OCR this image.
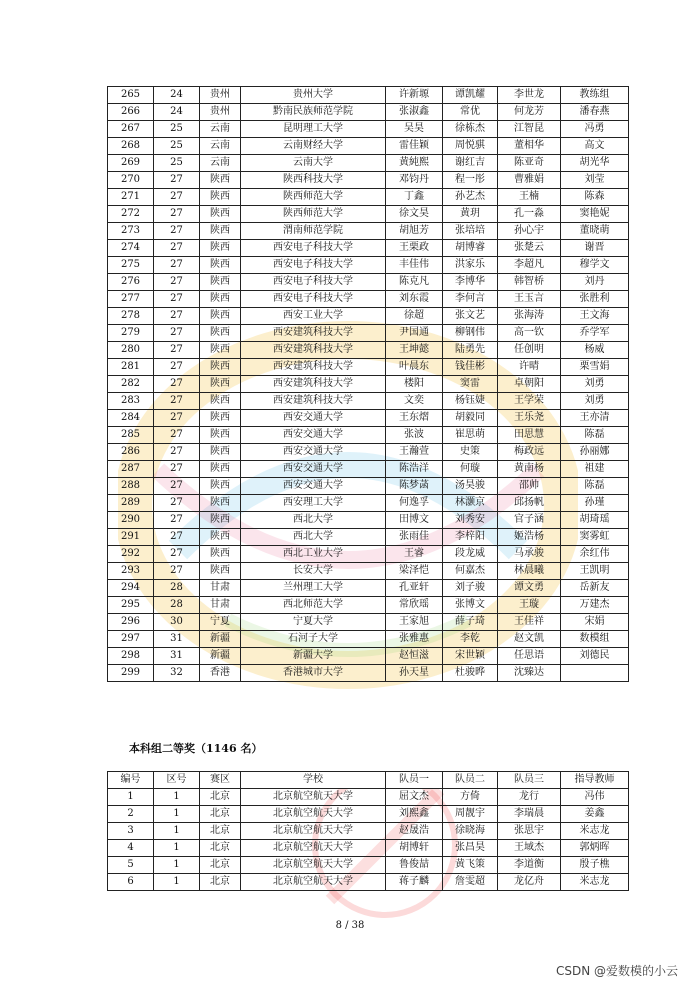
265	24	贵州	贵州大学	许新塬	谭凯耀	李世龙	教练组
266	24	贵州	黔南民族师范学院	张淑鑫	常优	何龙芳	潘春燕
267	25	云南	昆明理工大学	吴昊	徐栋杰	江智昆	冯勇
268	25	云南	云南财经大学	雷佳颖	周悦骐	董相华	高文
269	25	云南	云南大学	黄純熙	谢红吉	陈亚奇	胡光华
270	27	陕西	陕西科技大学	邓钧丹	程一彤	曹雅娟	刘莹
271	27	陕西	陕西师范大学	丁鑫	孙艺杰	王楠	陈森
272	27	陕西	陕西师范大学	徐文昊	黄玥	孔一淼	窦艳妮
273	27	陕西	渭南师范学院	胡旭芳	张培培	孙心宇	董晓萌
274	27	陕西	西安电子科技大学	王栗政	胡博睿	张楚云	谢晋
275	27	陕西	西安电子科技大学	丰佳伟	洪家乐	李超凡	穆学文
276	27	陕西	西安电子科技大学	陈克凡	李博华	韩智桥	刘丹
277	27	陕西	西安电子科技大学	刘东霞	李何言	王玉言	张胜利
278	27	陕西	西安工业大学	徐超	张文艺	张海涛	王文海
279	27	陕西	西安建筑科技大学	尹国通	柳钢伟	高一钦	乔学军
280	27	陕西	西安建筑科技大学	王坤懿	陆勇先	任创明	杨威
281	27	陕西	西安建筑科技大学	叶晨东	钱佳彬	许晴	栗雪娟
282	27	陕西	西安建筑科技大学	楼阳	窦雷	卓朝阳	刘勇
283	27	陕西	西安建筑科技大学	文奕	杨钰婕	王学荣	刘勇
284	27	陕西	西安交通大学	王东熠	胡毅同	王乐尧	王亦清
285	27	陕西	西安交通大学	张波	崔思萌	田思慧	陈磊
286	27	陕西	西安交通大学	王瀚萱	史策	梅政远	孙丽娜
287	27	陕西	西安交通大学	陈浩洋	何璇	黄南杨	祖建
288	27	陕西	西安交通大学	陈梦菡	汤昊骏	邵帅	陈磊
289	27	陕西	西安理工大学	何逸孚	林灏京	邱扬帆	孙瑾
290	27	陕西	西北大学	田博文	刘秀安	官子涵	胡琦瑶
291	27	陕西	西北大学	张雨佳	李梓阳	姬浩杨	窦雾虹
292	27	陕西	西北工业大学	王睿	段龙威	马承骏	余红伟
293	27	陕西	长安大学	梁泽恺	何嘉杰	林晨曦	王凯明
294	28	甘肃	兰州理工大学	孔亚轩	刘子骏	谭文勇	岳新友
295	28	甘肃	西北师范大学	常欣瑶	张博文	王璇	万建杰
296	30	宁夏	宁夏大学	王家旭	薛子琦	王佳祥	宋娟
297	31	新疆	石河子大学	张雅惠	李乾	赵文凯	数模组
298	31	新疆	新疆大学	赵恒滋	宋世颖	任思语	刘德民
299	32	香港	香港城市大学	孙天星	杜骏晔	沈臻达	
本科组二等奖（1146 名）
编号	区号	赛区	学校	队员一	队员二	队员三	指导教师
1	1	北京	北京航空航天大学	屈文杰	方倚	龙行	冯伟
2	1	北京	北京航空航天大学	刘熙鑫	周靓宇	李瑞晨	姜鑫
3	1	北京	北京航空航天大学	赵晟浩	徐晓海	张思宇	米志龙
4	1	北京	北京航空航天大学	胡博轩	张昌昊	王域杰	郭炳晖
5	1	北京	北京航空航天大学	鲁俊喆	黄飞策	李道衡	殷子樵
6	1	北京	北京航空航天大学	蒋子麟	詹雯超	龙亿舟	米志龙
8 / 38
CSDN @爱数模的小云
